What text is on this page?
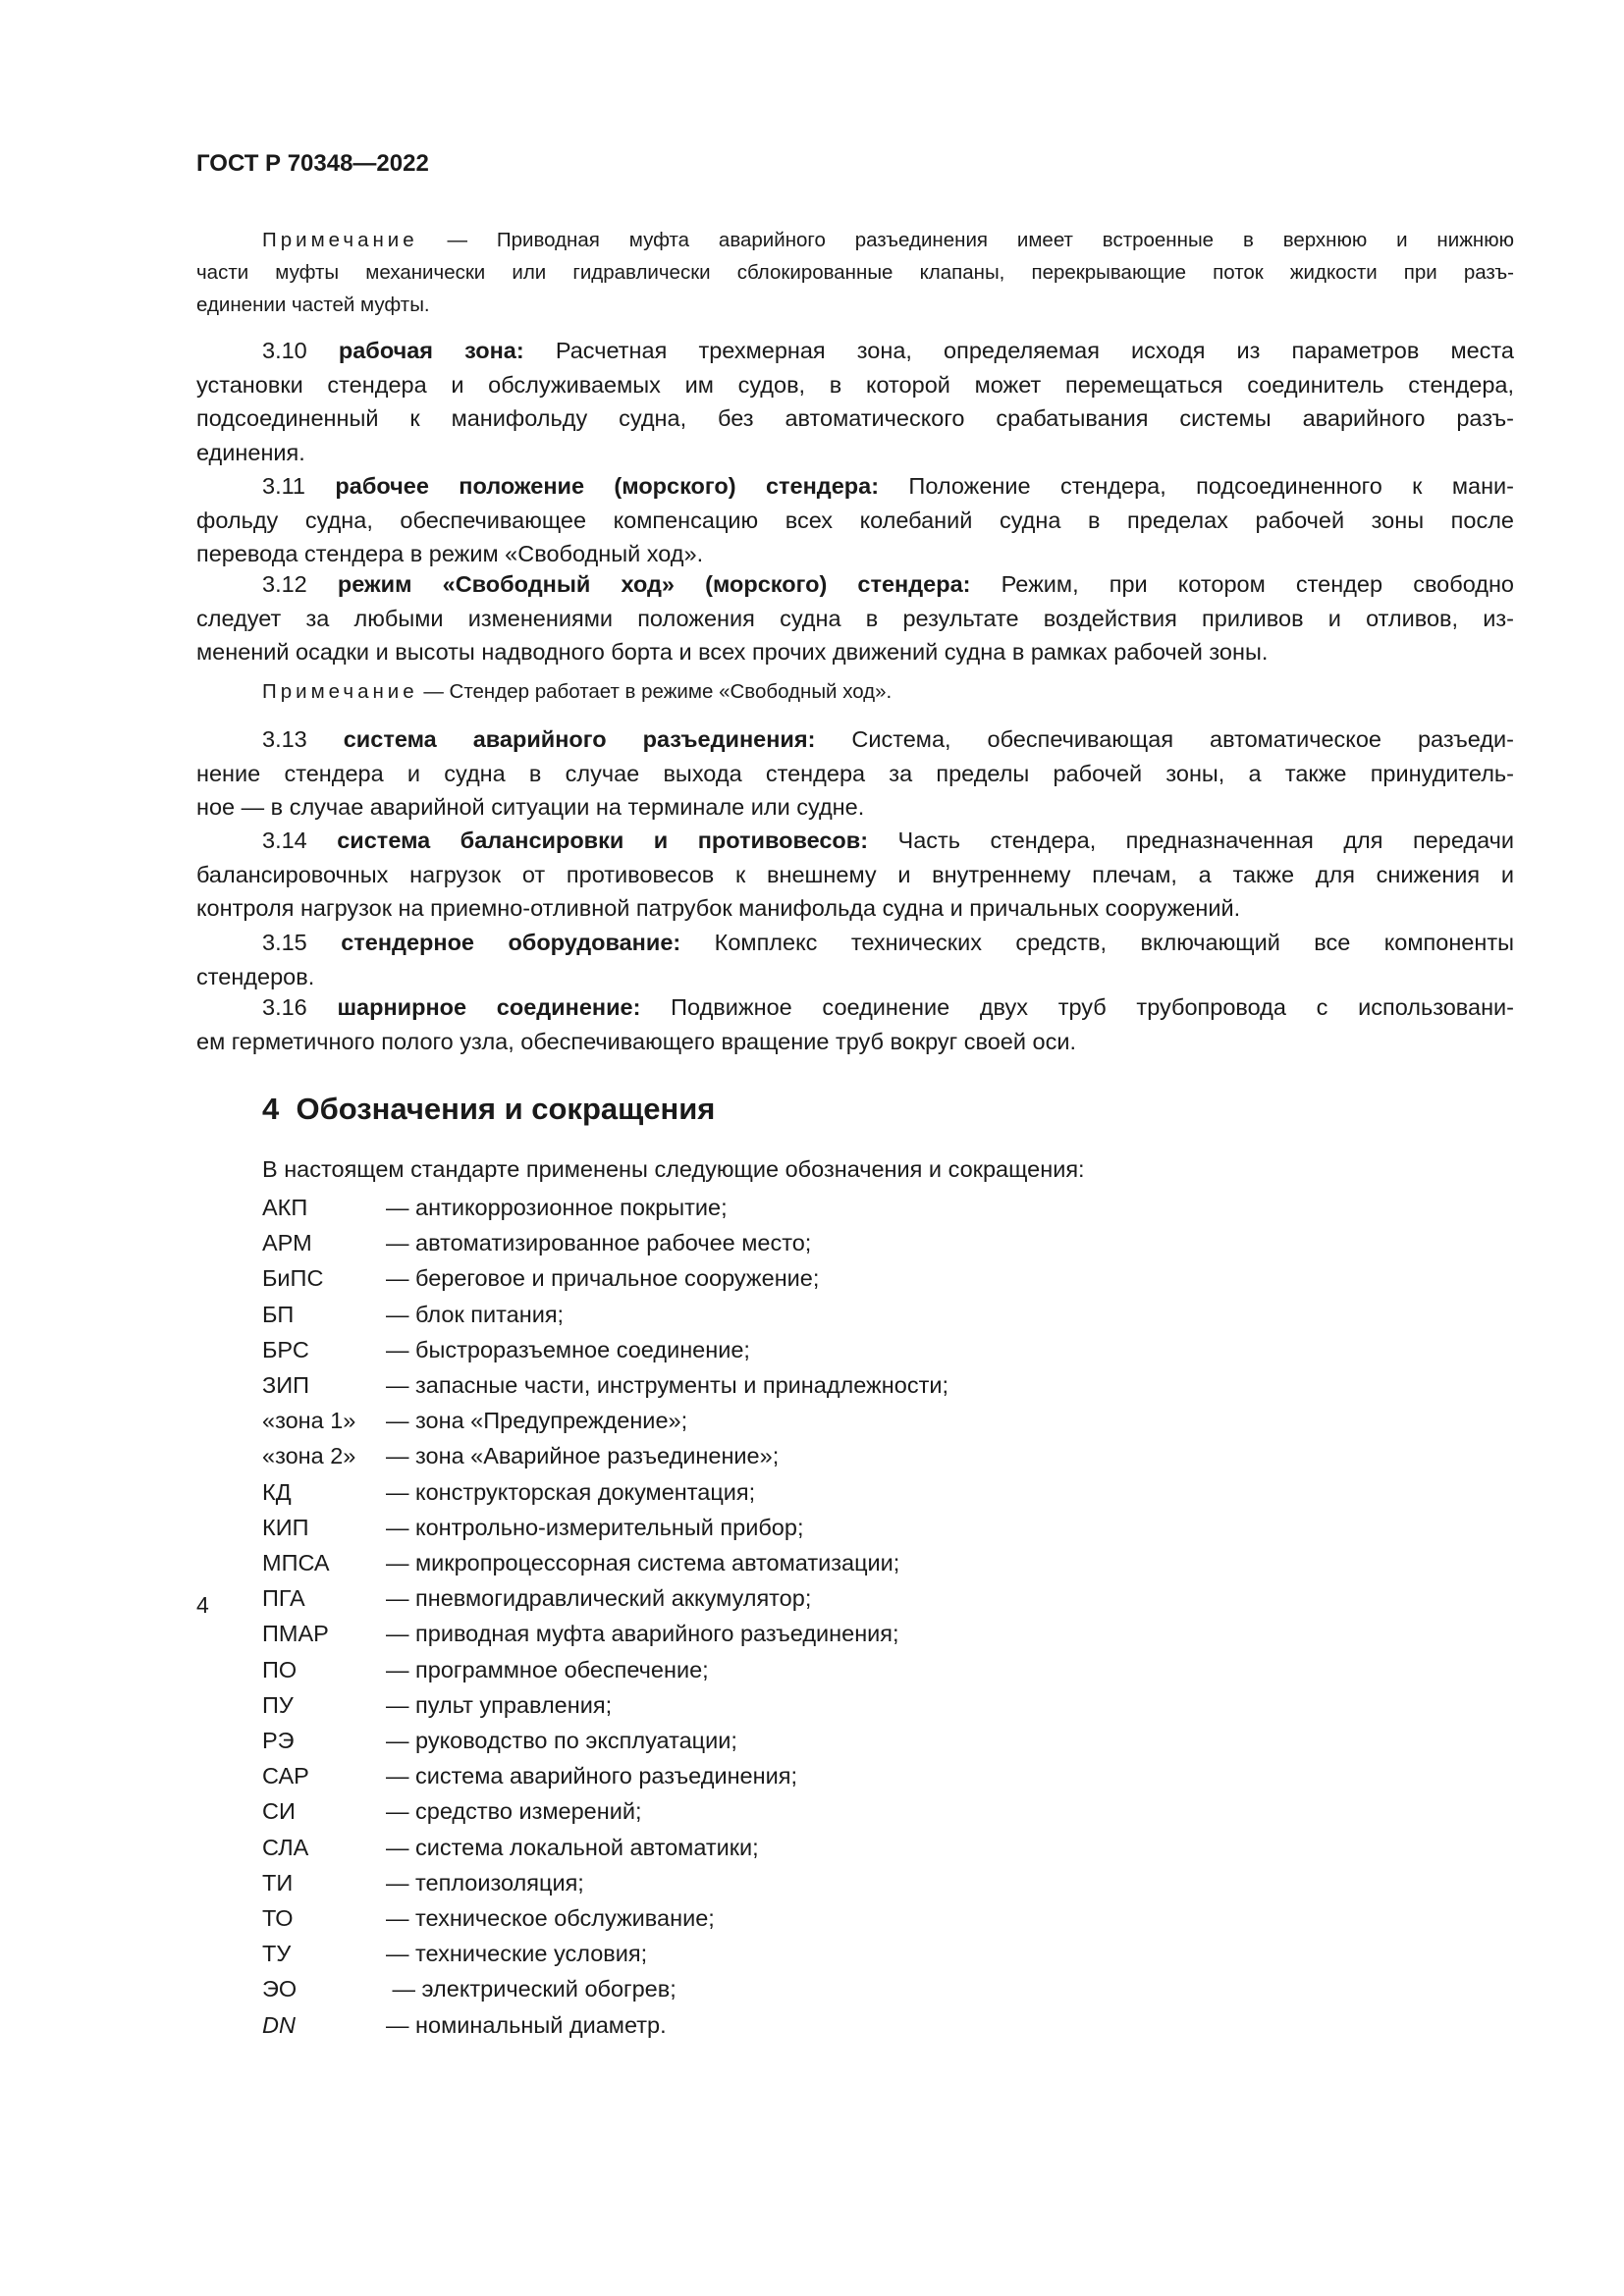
ГОСТ Р 70348—2022
Примечание — Приводная муфта аварийного разъединения имеет встроенные в верхнюю и нижнюю
части муфты механически или гидравлически сблокированные клапаны, перекрывающие поток жидкости при разъ-
единении частей муфты.
3.10 рабочая зона: Расчетная трехмерная зона, определяемая исходя из параметров места
установки стендера и обслуживаемых им судов, в которой может перемещаться соединитель стендера,
подсоединенный к манифольду судна, без автоматического срабатывания системы аварийного разъ-
единения.
3.11 рабочее положение (морского) стендера: Положение стендера, подсоединенного к мани-
фольду судна, обеспечивающее компенсацию всех колебаний судна в пределах рабочей зоны после
перевода стендера в режим «Свободный ход».
3.12 режим «Свободный ход» (морского) стендера: Режим, при котором стендер свободно
следует за любыми изменениями положения судна в результате воздействия приливов и отливов, из-
менений осадки и высоты надводного борта и всех прочих движений судна в рамках рабочей зоны.
3.13 система аварийного разъединения: Система, обеспечивающая автоматическое разъеди-
нение стендера и судна в случае выхода стендера за пределы рабочей зоны, а также принудитель-
ное — в случае аварийной ситуации на терминале или судне.
3.14 система балансировки и противовесов: Часть стендера, предназначенная для передачи
балансировочных нагрузок от противовесов к внешнему и внутреннему плечам, а также для снижения и
контроля нагрузок на приемно-отливной патрубок манифольда судна и причальных сооружений.
3.15 стендерное оборудование: Комплекс технических средств, включающий все компоненты
стендеров.
3.16 шарнирное соединение: Подвижное соединение двух труб трубопровода с использовани-
ем герметичного полого узла, обеспечивающего вращение труб вокруг своей оси.
Примечание — Стендер работает в режиме «Свободный ход».
4  Обозначения и сокращения
В настоящем стандарте применены следующие обозначения и сокращения:
АКП	— антикоррозионное покрытие;
АРМ	— автоматизированное рабочее место;
БиПС	— береговое и причальное сооружение;
БП	— блок питания;
БРС	— быстроразъемное соединение;
ЗИП	— запасные части, инструменты и принадлежности;
«зона 1»	— зона «Предупреждение»;
«зона 2»	— зона «Аварийное разъединение»;
КД	— конструкторская документация;
КИП	— контрольно-измерительный прибор;
МПСА	— микропроцессорная система автоматизации;
ПГА	— пневмогидравлический аккумулятор;
ПМАР	— приводная муфта аварийного разъединения;
ПО	— программное обеспечение;
ПУ	— пульт управления;
РЭ	— руководство по эксплуатации;
САР	— система аварийного разъединения;
СИ	— средство измерений;
СЛА	— система локальной автоматики;
ТИ	— теплоизоляция;
ТО	— техническое обслуживание;
ТУ	— технические условия;
ЭО	— электрический обогрев;
DN	— номинальный диаметр.
4
